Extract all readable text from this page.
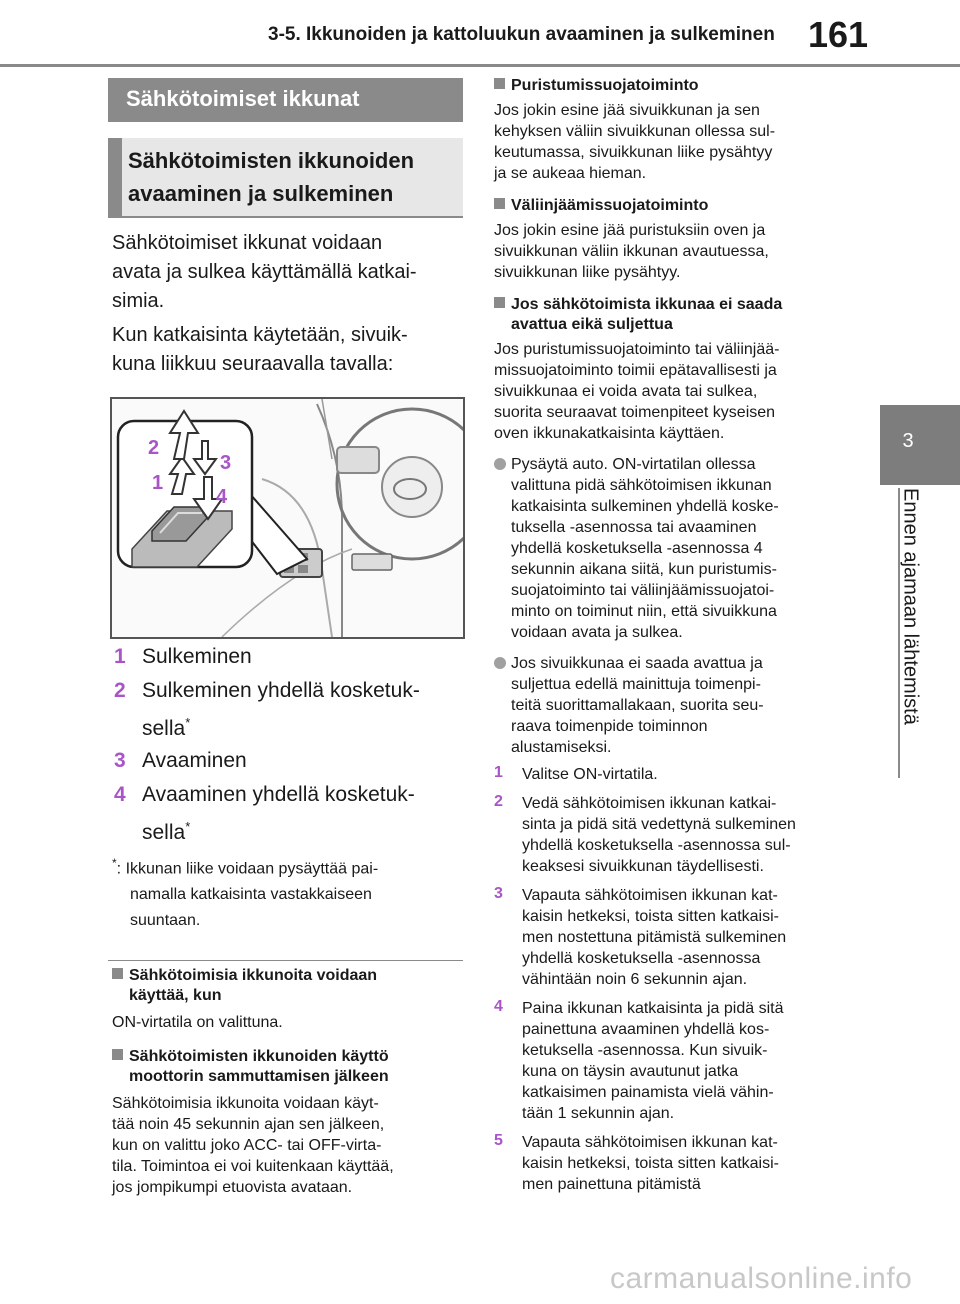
3-5. Ikkunoiden ja kattoluukun avaaminen ja sulkeminen 161
3
Ennen ajamaan lähtemistä
Sähkötoimiset ikkunat
Sähkötoimisten ikkunoiden
avaaminen ja sulkeminen
Sähkötoimiset ikkunat voidaan
avata ja sulkea käyttämällä katkai-
simia.
Kun katkaisinta käytetään, sivuik-
kuna liikkuu seuraavalla tavalla:
2
1
3
4
1 Sulkeminen
2 Sulkeminen yhdellä kosketuk-
sella*
3 Avaaminen
4 Avaaminen yhdellä kosketuk-
sella*
*: Ikkunan liike voidaan pysäyttää pai-
namalla katkaisinta vastakkaiseen
suuntaan.
Sähkötoimisia ikkunoita voidaan
käyttää, kun
ON-virtatila on valittuna.
Sähkötoimisten ikkunoiden käyttö
moottorin sammuttamisen jälkeen
Sähkötoimisia ikkunoita voidaan käyt-
tää noin 45 sekunnin ajan sen jälkeen,
kun on valittu joko ACC- tai OFF-virta-
tila. Toimintoa ei voi kuitenkaan käyttää,
jos jompikumpi etuovista avataan.
Puristumissuojatoiminto
Jos jokin esine jää sivuikkunan ja sen
kehyksen väliin sivuikkunan ollessa sul-
keutumassa, sivuikkunan liike pysähtyy
ja se aukeaa hieman.
Väliinjäämissuojatoiminto
Jos jokin esine jää puristuksiin oven ja
sivuikkunan väliin ikkunan avautuessa,
sivuikkunan liike pysähtyy.
Jos sähkötoimista ikkunaa ei saada
avattua eikä suljettua
Jos puristumissuojatoiminto tai väliinjää-
missuojatoiminto toimii epätavallisesti ja
sivuikkunaa ei voida avata tai sulkea,
suorita seuraavat toimenpiteet kyseisen
oven ikkunakatkaisinta käyttäen.
Pysäytä auto. ON-virtatilan ollessa
valittuna pidä sähkötoimisen ikkunan
katkaisinta sulkeminen yhdellä koske-
tuksella -asennossa tai avaaminen
yhdellä kosketuksella -asennossa 4
sekunnin aikana siitä, kun puristumis-
suojatoiminto tai väliinjäämissuojatoi-
minto on toiminut niin, että sivuikkuna
voidaan avata ja sulkea.
Jos sivuikkunaa ei saada avattua ja
suljettua edellä mainittuja toimenpi-
teitä suorittamallakaan, suorita seu-
raava toimenpide toiminnon
alustamiseksi.
1 Valitse ON-virtatila.
2 Vedä sähkötoimisen ikkunan katkai-
sinta ja pidä sitä vedettynä sulkeminen
yhdellä kosketuksella -asennossa sul-
keaksesi sivuikkunan täydellisesti.
3 Vapauta sähkötoimisen ikkunan kat-
kaisin hetkeksi, toista sitten katkaisi-
men nostettuna pitämistä sulkeminen
yhdellä kosketuksella -asennossa
vähintään noin 6 sekunnin ajan.
4 Paina ikkunan katkaisinta ja pidä sitä
painettuna avaaminen yhdellä kos-
ketuksella -asennossa. Kun sivuik-
kuna on täysin avautunut jatka
katkaisimen painamista vielä vähin-
tään 1 sekunnin ajan.
5 Vapauta sähkötoimisen ikkunan kat-
kaisin hetkeksi, toista sitten katkaisi-
men painettuna pitämistä
carmanualsonline.info
